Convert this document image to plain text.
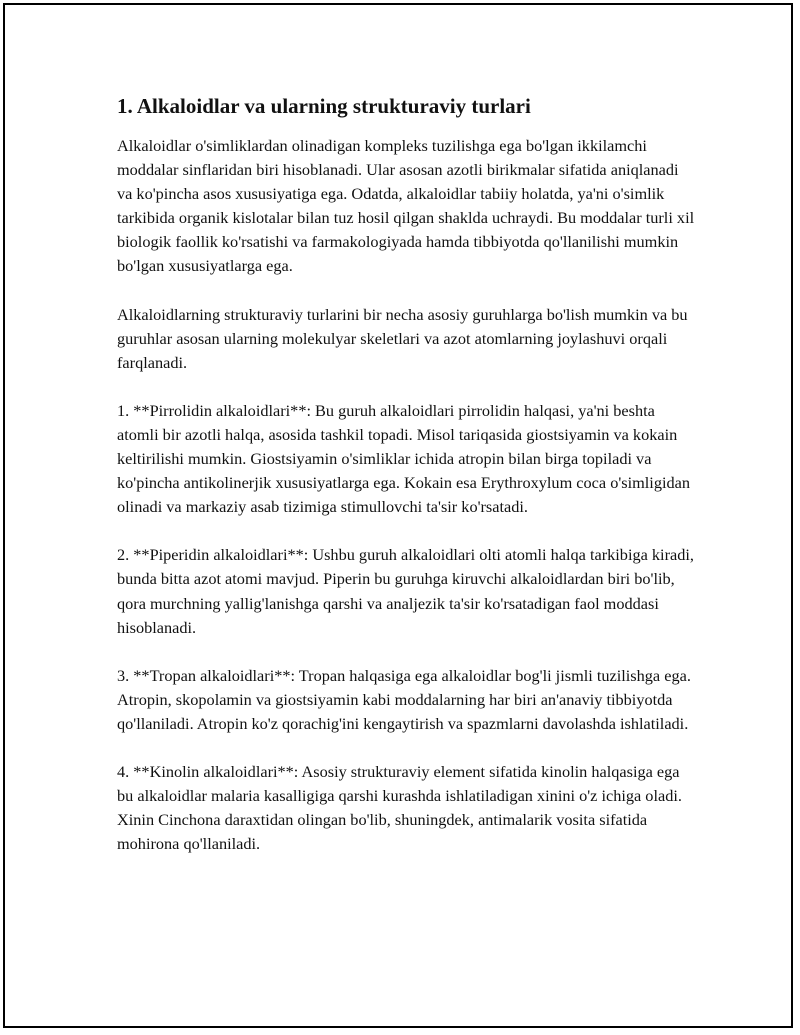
1. Alkaloidlar va ularning strukturaviy turlari

Alkaloidlar o'simliklardan olinadigan kompleks tuzilishga ega bo'lgan ikkilamchi moddalar sinflaridan biri hisoblanadi. Ular asosan azotli birikmalar sifatida aniqlanadi va ko'pincha asos xususiyatiga ega. Odatda, alkaloidlar tabiiy holatda, ya'ni o'simlik tarkibida organik kislotalar bilan tuz hosil qilgan shaklda uchraydi. Bu moddalar turli xil biologik faollik ko'rsatishi va farmakologiyada hamda tibbiyotda qo'llanilishi mumkin bo'lgan xususiyatlarga ega.

Alkaloidlarning strukturaviy turlarini bir necha asosiy guruhlarga bo'lish mumkin va bu guruhlar asosan ularning molekulyar skeletlari va azot atomlarning joylashuvi orqali farqlanadi.

1. **Pirrolidin alkaloidlari**: Bu guruh alkaloidlari pirrolidin halqasi, ya'ni beshta atomli bir azotli halqa, asosida tashkil topadi. Misol tariqasida giostsiyamin va kokain keltirilishi mumkin. Giostsiyamin o'simliklar ichida atropin bilan birga topiladi va ko'pincha antikolinerjik xususiyatlarga ega. Kokain esa Erythroxylum coca o'simligidan olinadi va markaziy asab tizimiga stimullovchi ta'sir ko'rsatadi.

2. **Piperidin alkaloidlari**: Ushbu guruh alkaloidlari olti atomli halqa tarkibiga kiradi, bunda bitta azot atomi mavjud. Piperin bu guruhga kiruvchi alkaloidlardan biri bo'lib, qora murchning yallig'lanishga qarshi va analjezik ta'sir ko'rsatadigan faol moddasi hisoblanadi.

3. **Tropan alkaloidlari**: Tropan halqasiga ega alkaloidlar bog'li jismli tuzilishga ega. Atropin, skopolamin va giostsiyamin kabi moddalarning har biri an'anaviy tibbiyotda qo'llaniladi. Atropin ko'z qorachig'ini kengaytirish va spazmlarni davolashda ishlatiladi.

4. **Kinolin alkaloidlari**: Asosiy strukturaviy element sifatida kinolin halqasiga ega bu alkaloidlar malaria kasalligiga qarshi kurashda ishlatiladigan xinini o'z ichiga oladi. Xinin Cinchona daraxtidan olingan bo'lib, shuningdek, antimalarik vosita sifatida mohirona qo'llaniladi.
